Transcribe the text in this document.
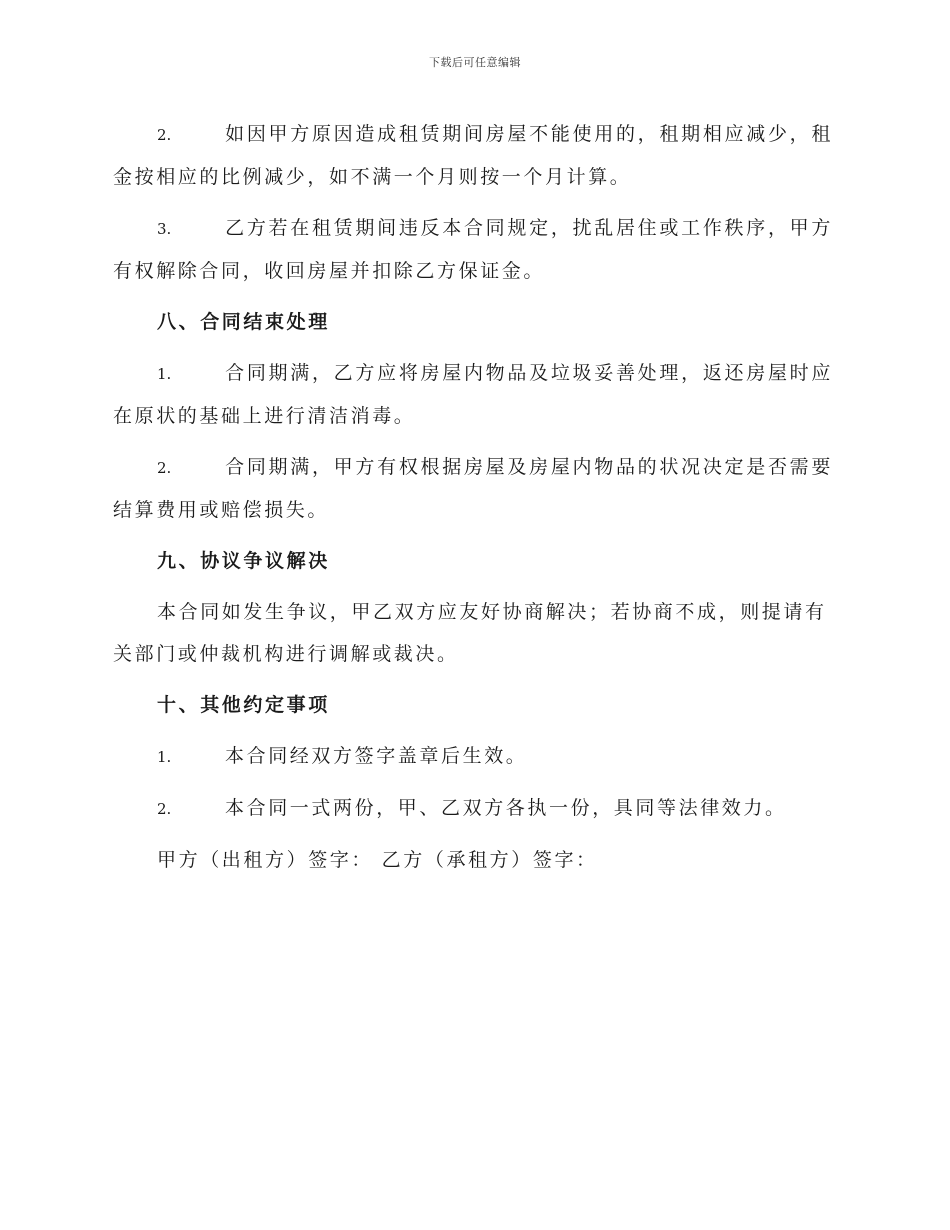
下载后可任意编辑

2.	如因甲方原因造成租赁期间房屋不能使用的，租期相应减少，租金按相应的比例减少，如不满一个月则按一个月计算。

3.	乙方若在租赁期间违反本合同规定，扰乱居住或工作秩序，甲方有权解除合同，收回房屋并扣除乙方保证金。

八、合同结束处理

1.	合同期满，乙方应将房屋内物品及垃圾妥善处理，返还房屋时应在原状的基础上进行清洁消毒。

2.	合同期满，甲方有权根据房屋及房屋内物品的状况决定是否需要结算费用或赔偿损失。

九、协议争议解决

本合同如发生争议，甲乙双方应友好协商解决；若协商不成，则提请有关部门或仲裁机构进行调解或裁决。

十、其他约定事项

1.	本合同经双方签字盖章后生效。

2.	本合同一式两份，甲、乙双方各执一份，具同等法律效力。

甲方（出租方）签字： 乙方（承租方）签字：
